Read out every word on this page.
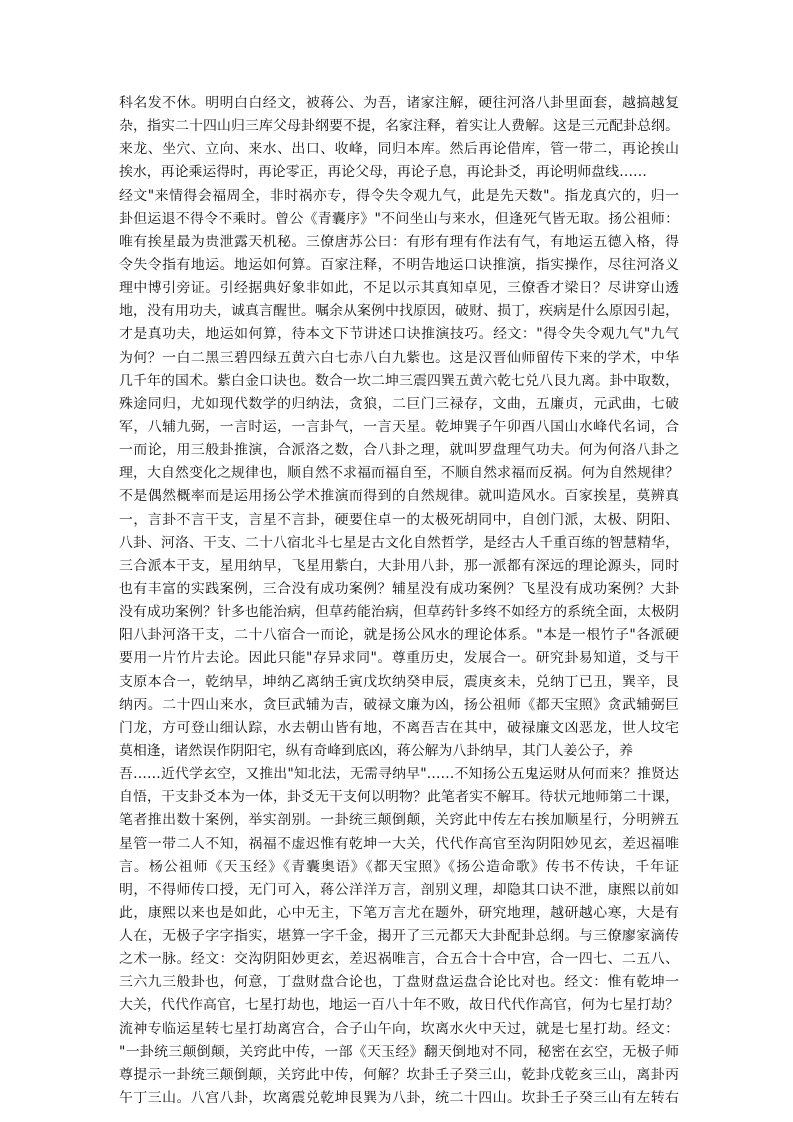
科名发不休。明明白白经文，被蒋公、为吾，诸家注解，硬往河洛八卦里面套，越搞越复
杂，指实二十四山归三库父母卦纲要不提，名家注释，着实让人费解。这是三元配卦总纲。
来龙、坐穴、立向、来水、出口、收峰，同归本库。然后再论借库，管一带二，再论挨山
挨水，再论乘运得时，再论零正，再论父母，再论子息，再论卦爻，再论明师盘线……
经文"来情得会福周全，非时祸亦专，得令失令观九气，此是先天数"。指龙真穴的，归一
卦但运退不得令不乘时。曾公《青囊序》"不问坐山与来水，但逢死气皆无取。扬公祖师：
唯有挨星最为贵泄露天机秘。三僚唐苏公曰：有形有理有作法有气，有地运五德入格，得
令失令指有地运。地运如何算。百家注释，不明告地运口诀推演，指实操作，尽往河洛义
理中博引旁证。引经据典好象非如此，不足以示其真知卓见，三僚香才梁日？尽讲穿山透
地，没有用功夫，诚真言醒世。嘱余从案例中找原因，破财、损丁，疾病是什么原因引起，
才是真功夫，地运如何算，待本文下节讲述口诀推演技巧。经文："得令失令观九气"九气
为何？一白二黑三碧四绿五黄六白七赤八白九紫也。这是汉晋仙师留传下来的学术，中华
几千年的国术。紫白金口诀也。数合一坎二坤三震四巽五黄六乾七兑八艮九离。卦中取数，
殊途同归，尤如现代数学的归纳法，贪狼，二巨门三禄存，文曲，五廉贞，元武曲，七破
军，八辅九弼，一言时运，一言卦气，一言天星。乾坤巽子午卯酉八国山水峰代名词，合
一而论，用三般卦推演，合派洛之数，合八卦之理，就叫罗盘理气功夫。何为何洛八卦之
理，大自然变化之规律也，顺自然不求福而福自至，不顺自然求福而反祸。何为自然规律？
不是偶然概率而是运用扬公学术推演而得到的自然规律。就叫造风水。百家挨星，莫辨真
一，言卦不言干支，言星不言卦，硬要住卓一的太极死胡同中，自创门派，太极、阴阳、
八卦、河洛、干支、二十八宿北斗七星是古文化自然哲学，是经古人千重百练的智慧精华，
三合派本干支，星用纳早，飞星用紫白，大卦用八卦，那一派都有深远的理论源头，同时
也有丰富的实践案例，三合没有成功案例？辅星没有成功案例？飞星没有成功案例？大卦
没有成功案例？针多也能治病，但草药能治病，但草药针多终不如经方的系统全面，太极阴
阳八卦河洛干支，二十八宿合一而论，就是扬公风水的理论体系。"本是一根竹子"各派硬
要用一片竹片去论。因此只能"存异求同"。尊重历史，发展合一。研究卦易知道，爻与干
支原本合一，乾纳早，坤纳乙离纳壬寅戊坎纳癸申辰，震庚亥未，兑纳丁已丑，巽辛，艮
纳丙。二十四山来水，贪巨武辅为吉，破禄文廉为凶，扬公祖师《都天宝照》贪武辅弼巨
门龙，方可登山细认踪，水去朝山皆有地，不离吾吉在其中，破禄廉文凶恶龙，世人坟宅
莫相逢，诸然误作阴阳宅，纵有奇峰到底凶，蒋公解为八卦纳早，其门人姜公子，养
吾……近代学玄空，又推出"知北法，无需寻纳早"……不知扬公五鬼运财从何而来？推贤达
自悟，干支卦爻本为一体，卦爻无干支何以明物？此笔者实不解耳。待状元地师第二十课，
笔者推出数十案例，举实剖别。一卦统三颠倒颠，关窍此中传左右挨加顺星行，分明辨五
星管一带二人不知，祸福不虚迟惟有乾坤一大关，代代作高官至沟阴阳妙见玄，差迟福唯
言。杨公祖师《天玉经》《青囊奥语》《都天宝照》《扬公造命歌》传书不传诀，千年证
明，不得师传口授，无门可入，蒋公洋洋万言，剖别义理，却隐其口诀不泄，康熙以前如
此，康熙以来也是如此，心中无主，下笔万言尤在题外，研究地理，越研越心寒，大是有
人在，无极子字字指实，堪算一字千金，揭开了三元都天大卦配卦总纲。与三僚廖家滴传
之术一脉。经文：交沟阴阳妙更玄，差迟祸唯言，合五合十合中宫，合一四七、二五八、
三六九三般卦也，何意，丁盘财盘合论也，丁盘财盘运盘合论比对也。经文：惟有乾坤一
大关，代代作高官，七星打劫也，地运一百八十年不败，故日代代作高官，何为七星打劫？
流神专临运星转七星打劫离宫合，合子山午向，坎离水火中天过，就是七星打劫。经文：
"一卦统三颠倒颠，关窍此中传，一部《天玉经》翻天倒地对不同，秘密在玄空，无极子师
尊提示一卦统三颠倒颠，关窍此中传，何解？坎卦壬子癸三山，乾卦戊乾亥三山，离卦丙
午丁三山。八宫八卦，坎离震兑乾坤艮巽为八卦，统二十四山。坎卦壬子癸三山有左转右
